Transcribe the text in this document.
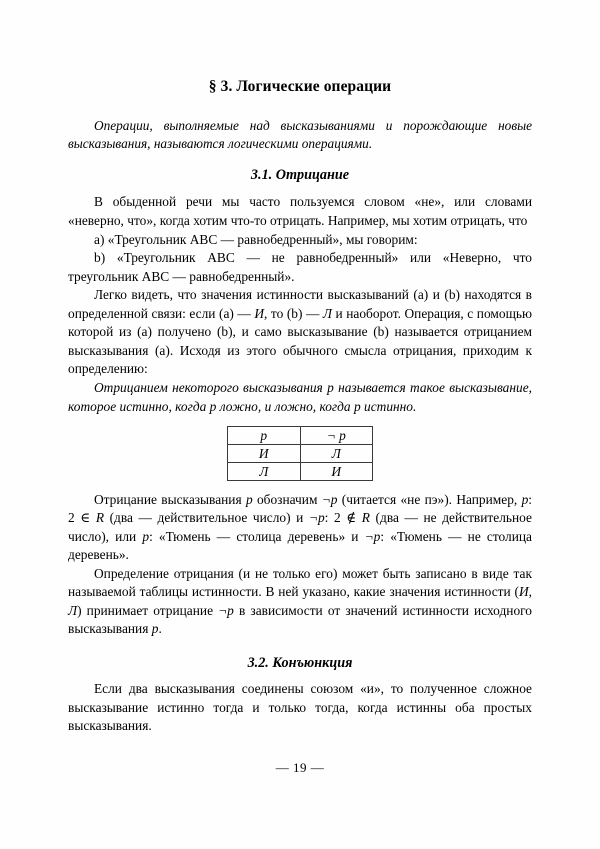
§ 3. Логические операции

Операции, выполняемые над высказываниями и порождающие новые высказывания, называются логическими операциями.

3.1. Отрицание

В обыденной речи мы часто пользуемся словом «не», или словами «неверно, что», когда хотим что-то отрицать. Например, мы хотим отрицать, что

a) «Треугольник ABC — равнобедренный», мы говорим:

b) «Треугольник ABC — не равнобедренный» или «Неверно, что треугольник ABC — равнобедренный».

Легко видеть, что значения истинности высказываний (a) и (b) находятся в определенной связи: если (a) — И, то (b) — Л и наоборот. Операция, с помощью которой из (a) получено (b), и само высказывание (b) называется отрицанием высказывания (a). Исходя из этого обычного смысла отрицания, приходим к определению:

Отрицанием некоторого высказывания p называется такое высказывание, которое истинно, когда p ложно, и ложно, когда p истинно.

p	¬ p
И	Л
Л	И

Отрицание высказывания p обозначим ¬p (читается «не пэ»). Например, p: 2 ∈ R (два — действительное число) и ¬p: 2 ∉ R (два — не действительное число), или p: «Тюмень — столица деревень» и ¬p: «Тюмень — не столица деревень».

Определение отрицания (и не только его) может быть записано в виде так называемой таблицы истинности. В ней указано, какие значения истинности (И, Л) принимает отрицание ¬p в зависимости от значений истинности исходного высказывания p.

3.2. Конъюнкция

Если два высказывания соединены союзом «и», то полученное сложное высказывание истинно тогда и только тогда, когда истинны оба простых высказывания.

— 19 —
